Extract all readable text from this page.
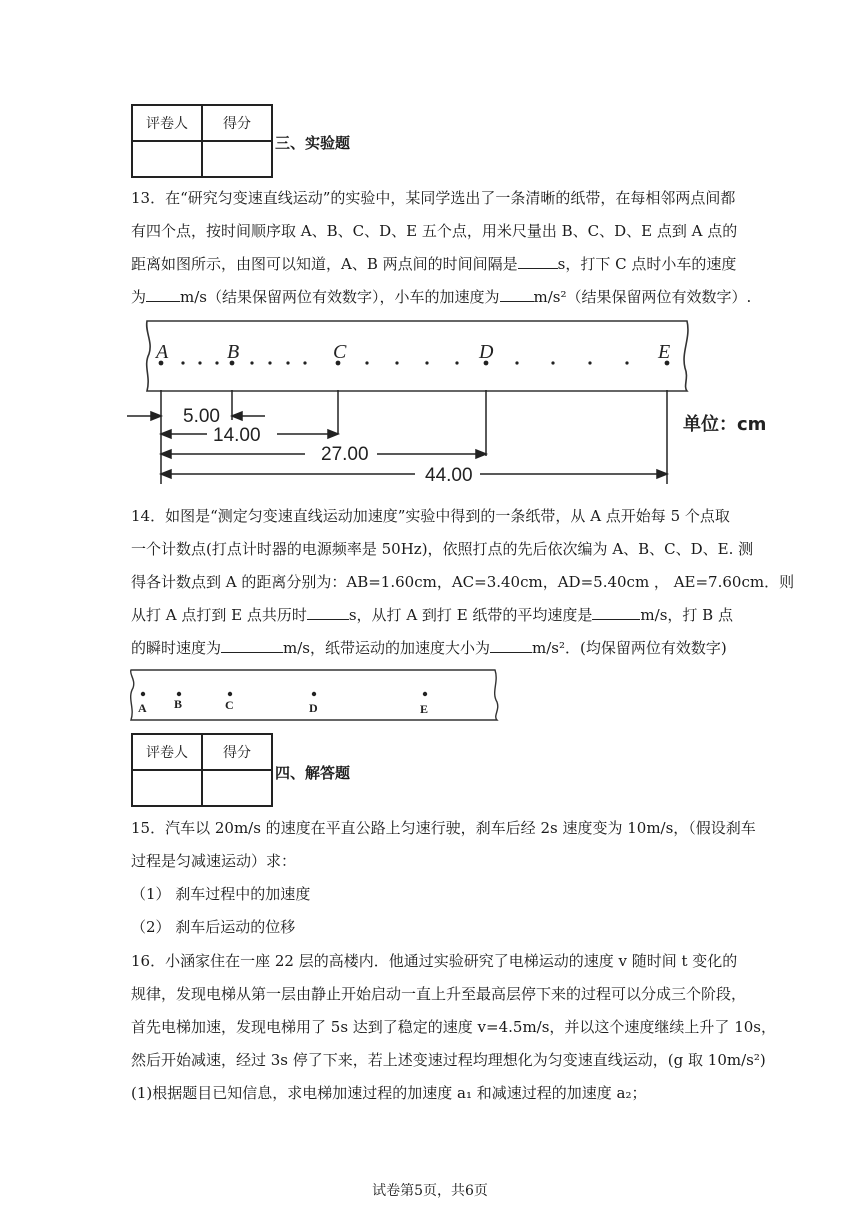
评卷人	得分

三、实验题
13．在“研究匀变速直线运动”的实验中，某同学选出了一条清晰的纸带，在每相邻两点间都
有四个点，按时间顺序取 A、B、C、D、E 五个点，用米尺量出 B、C、D、E 点到 A 点的
距离如图所示，由图可以知道，A、B 两点间的时间间隔是	s，打下 C 点时小车的速度
为 m/s（结果保留两位有效数字），小车的加速度为 m/s²（结果保留两位有效数字）.
A	B	C	D	E
5.00
14.00
27.00
44.00
单位：cm
14．如图是“测定匀变速直线运动加速度”实验中得到的一条纸带，从 A 点开始每 5 个点取
一个计数点(打点计时器的电源频率是 50Hz)，依照打点的先后依次编为 A、B、C、D、E. 测
得各计数点到 A 的距离分别为：AB=1.60cm，AC=3.40cm，AD=5.40cm ， AE=7.60cm．则
从打 A 点打到 E 点共历时	s，从打 A 到打 E 纸带的平均速度是	m/s，打 B 点
的瞬时速度为	m/s，纸带运动的加速度大小为	m/s²．(均保留两位有效数字)
A B	C	D	E
评卷人	得分

四、解答题
15．汽车以 20m/s 的速度在平直公路上匀速行驶，刹车后经 2s 速度变为 10m/s，（假设刹车
过程是匀减速运动）求：
（1） 刹车过程中的加速度
（2） 刹车后运动的位移
16．小涵家住在一座 22 层的高楼内．他通过实验研究了电梯运动的速度 v 随时间 t 变化的
规律，发现电梯从第一层由静止开始启动一直上升至最高层停下来的过程可以分成三个阶段，
首先电梯加速，发现电梯用了 5s 达到了稳定的速度 v=4.5m/s，并以这个速度继续上升了 10s，
然后开始减速，经过 3s 停了下来，若上述变速过程均理想化为匀变速直线运动，(g 取 10m/s²)
(1)根据题目已知信息，求电梯加速过程的加速度 a₁ 和减速过程的加速度 a₂；
试卷第5页，共6页
